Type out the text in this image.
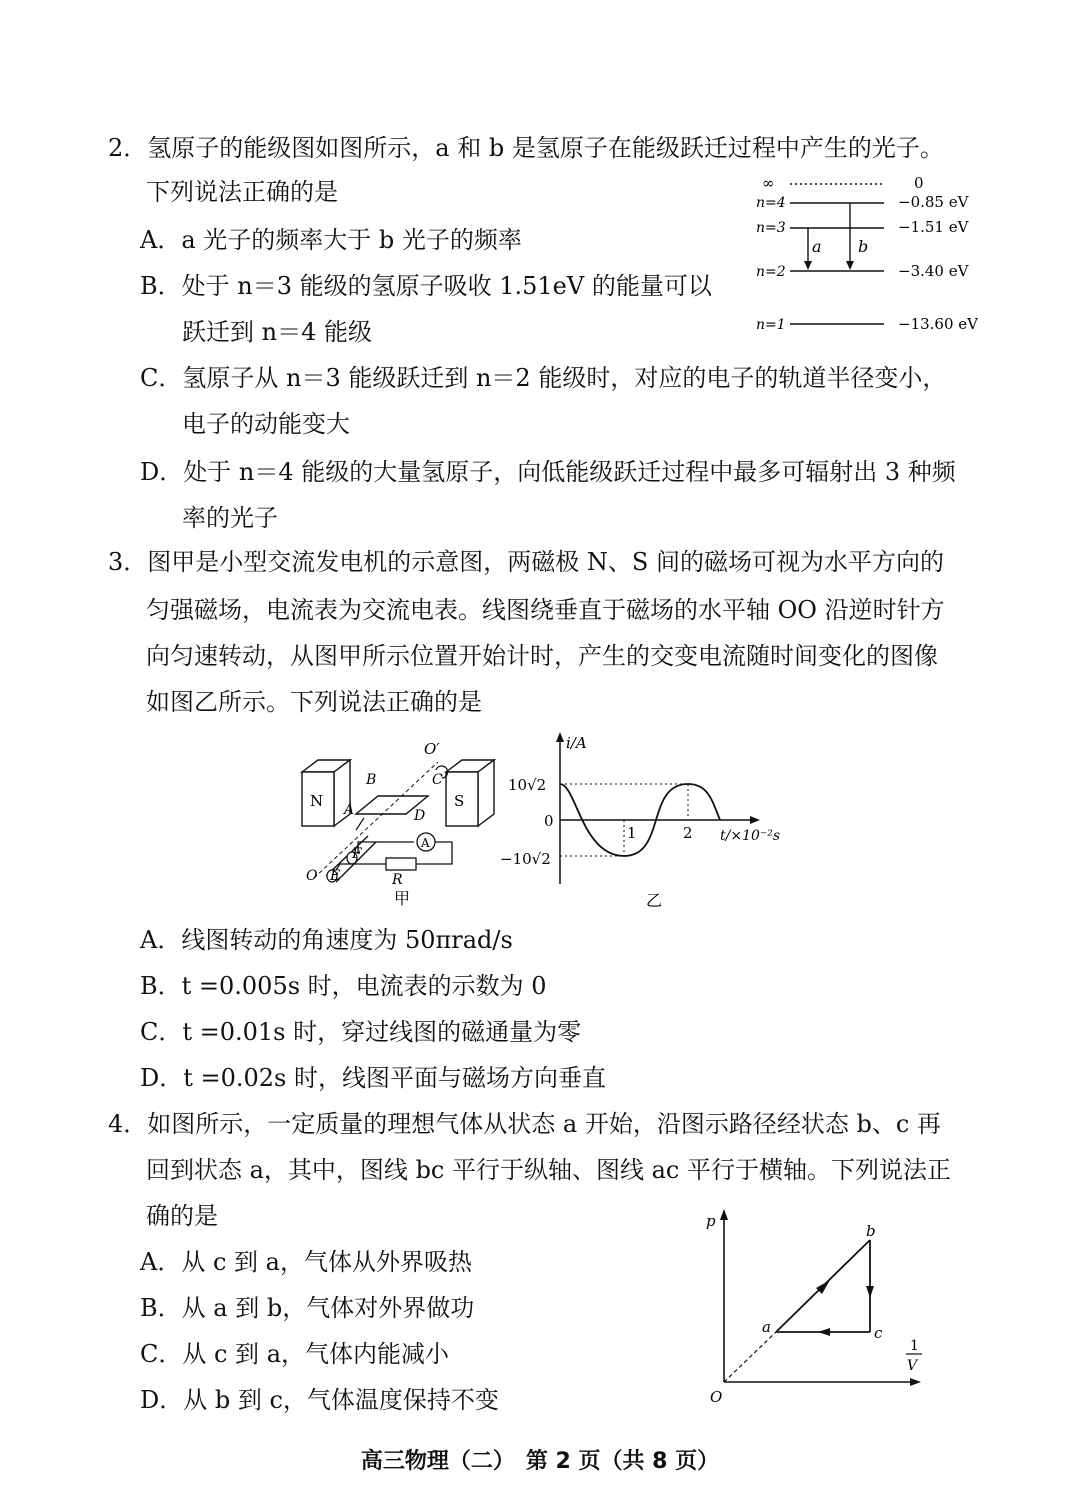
2．氢原子的能级图如图所示，a 和 b 是氢原子在能级跃迁过程中产生的光子。
下列说法正确的是
A．a 光子的频率大于 b 光子的频率
B．处于 n＝3 能级的氢原子吸收 1.51eV 的能量可以
跃迁到 n＝4 能级
C．氢原子从 n＝3 能级跃迁到 n＝2 能级时，对应的电子的轨道半径变小，
电子的动能变大
D．处于 n＝4 能级的大量氢原子，向低能级跃迁过程中最多可辐射出 3 种频
率的光子
∞	0
n=4	−0.85 eV
n=3	−1.51 eV
n=2	−3.40 eV
n=1	−13.60 eV
a b
3．图甲是小型交流发电机的示意图，两磁极 N、S 间的磁场可视为水平方向的
匀强磁场，电流表为交流电表。线图绕垂直于磁场的水平轴 OO 沿逆时针方
向匀速转动，从图甲所示位置开始计时，产生的交变电流随时间变化的图像
如图乙所示。下列说法正确的是
N	S
A
O′
B	C
A	D
F
E
O	R
甲
i/A
t/×10⁻²s
10√2
0
−10√2
1	2
乙
A．线图转动的角速度为 50πrad/s
B．t =0.005s 时，电流表的示数为 0
C．t =0.01s 时，穿过线图的磁通量为零
D．t =0.02s 时，线图平面与磁场方向垂直
4．如图所示，一定质量的理想气体从状态 a 开始，沿图示路径经状态 b、c 再
回到状态 a，其中，图线 bc 平行于纵轴、图线 ac 平行于横轴。下列说法正
确的是
A．从 c 到 a，气体从外界吸热
B．从 a 到 b，气体对外界做功
C．从 c 到 a，气体内能减小
D．从 b 到 c，气体温度保持不变
p
O
1
V
a
b
c
高三物理（二）　第 2 页（共 8 页）
